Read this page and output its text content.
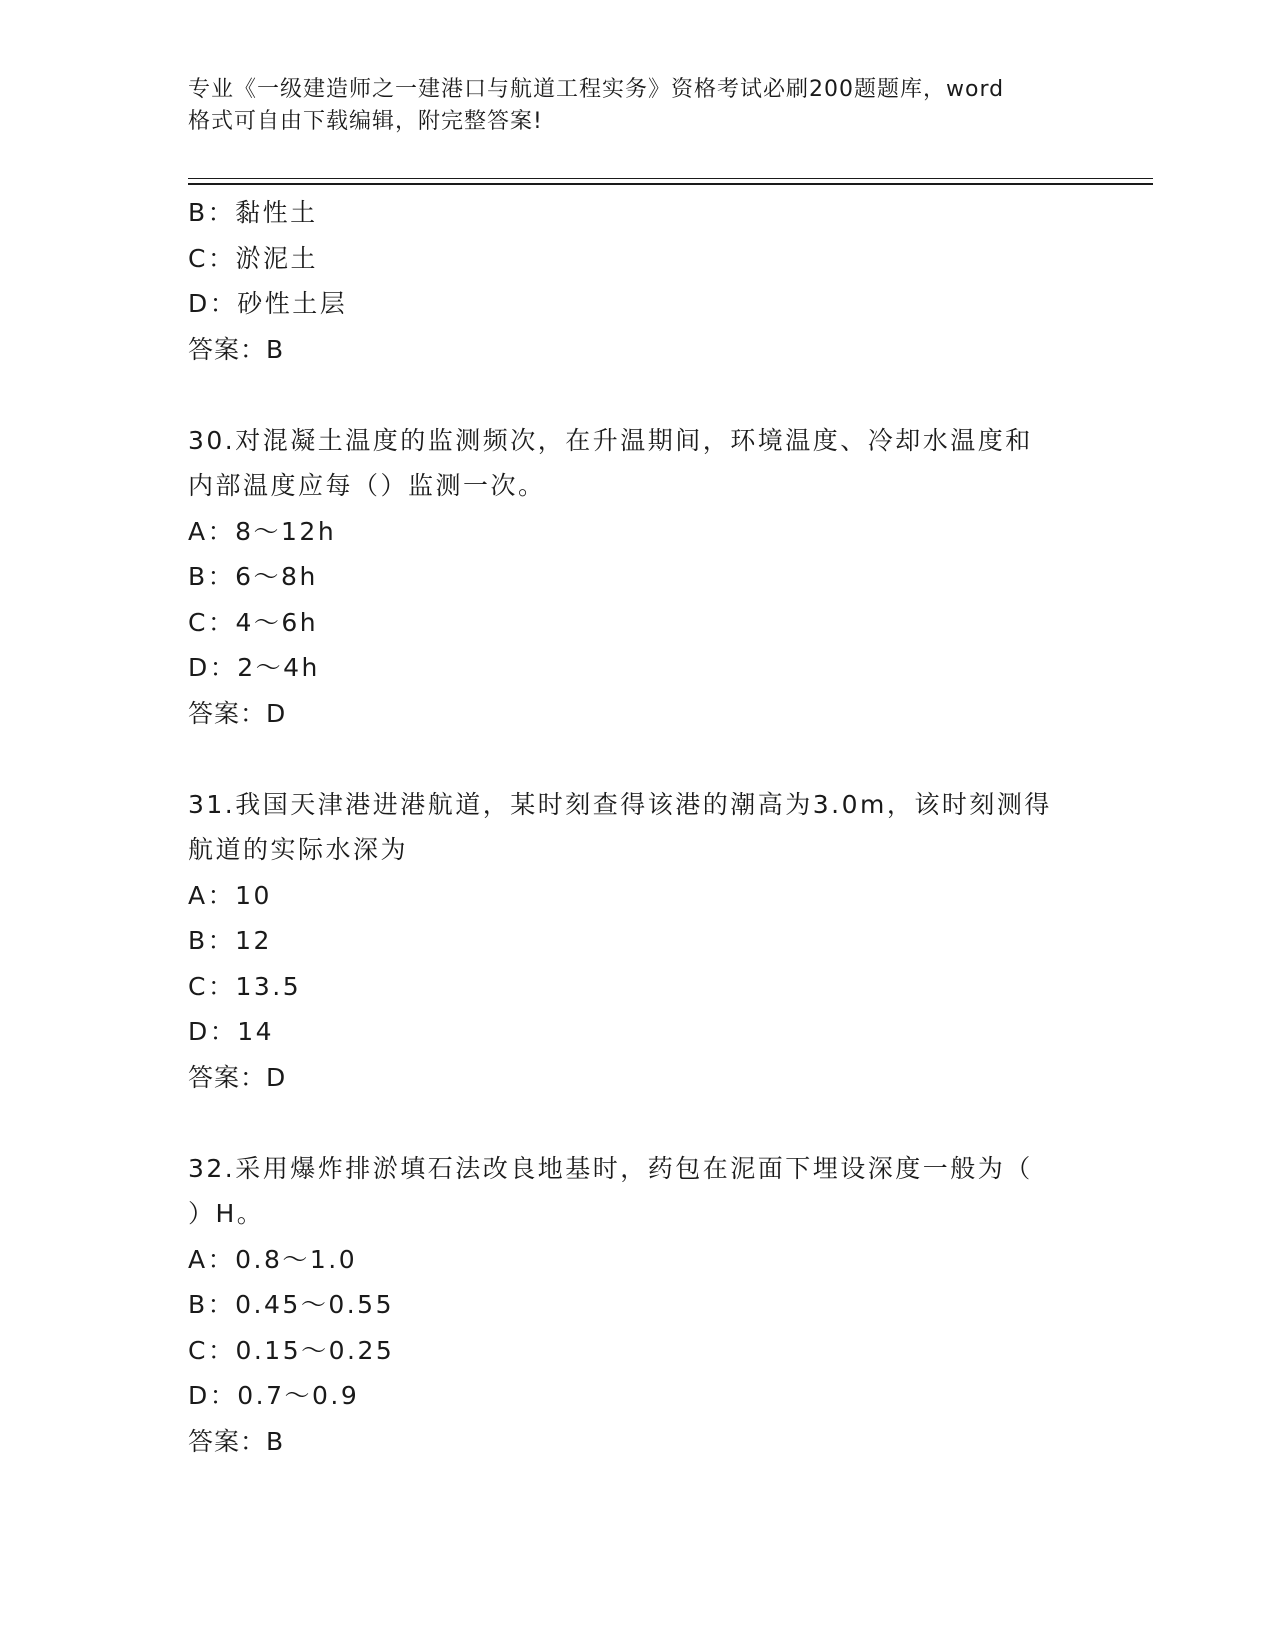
专业《一级建造师之一建港口与航道工程实务》资格考试必刷200题题库，word
格式可自由下载编辑，附完整答案!
B：黏性土
C：淤泥土
D：砂性土层
答案：B
30.对混凝土温度的监测频次，在升温期间，环境温度、冷却水温度和
内部温度应每（）监测一次。
A：8～12h
B：6～8h
C：4～6h
D：2～4h
答案：D
31.我国天津港进港航道，某时刻查得该港的潮高为3.0m，该时刻测得
航道的实际水深为
A：10
B：12
C：13.5
D：14
答案：D
32.采用爆炸排淤填石法改良地基时，药包在泥面下埋设深度一般为（
）H。
A：0.8～1.0
B：0.45～0.55
C：0.15～0.25
D：0.7～0.9
答案：B
